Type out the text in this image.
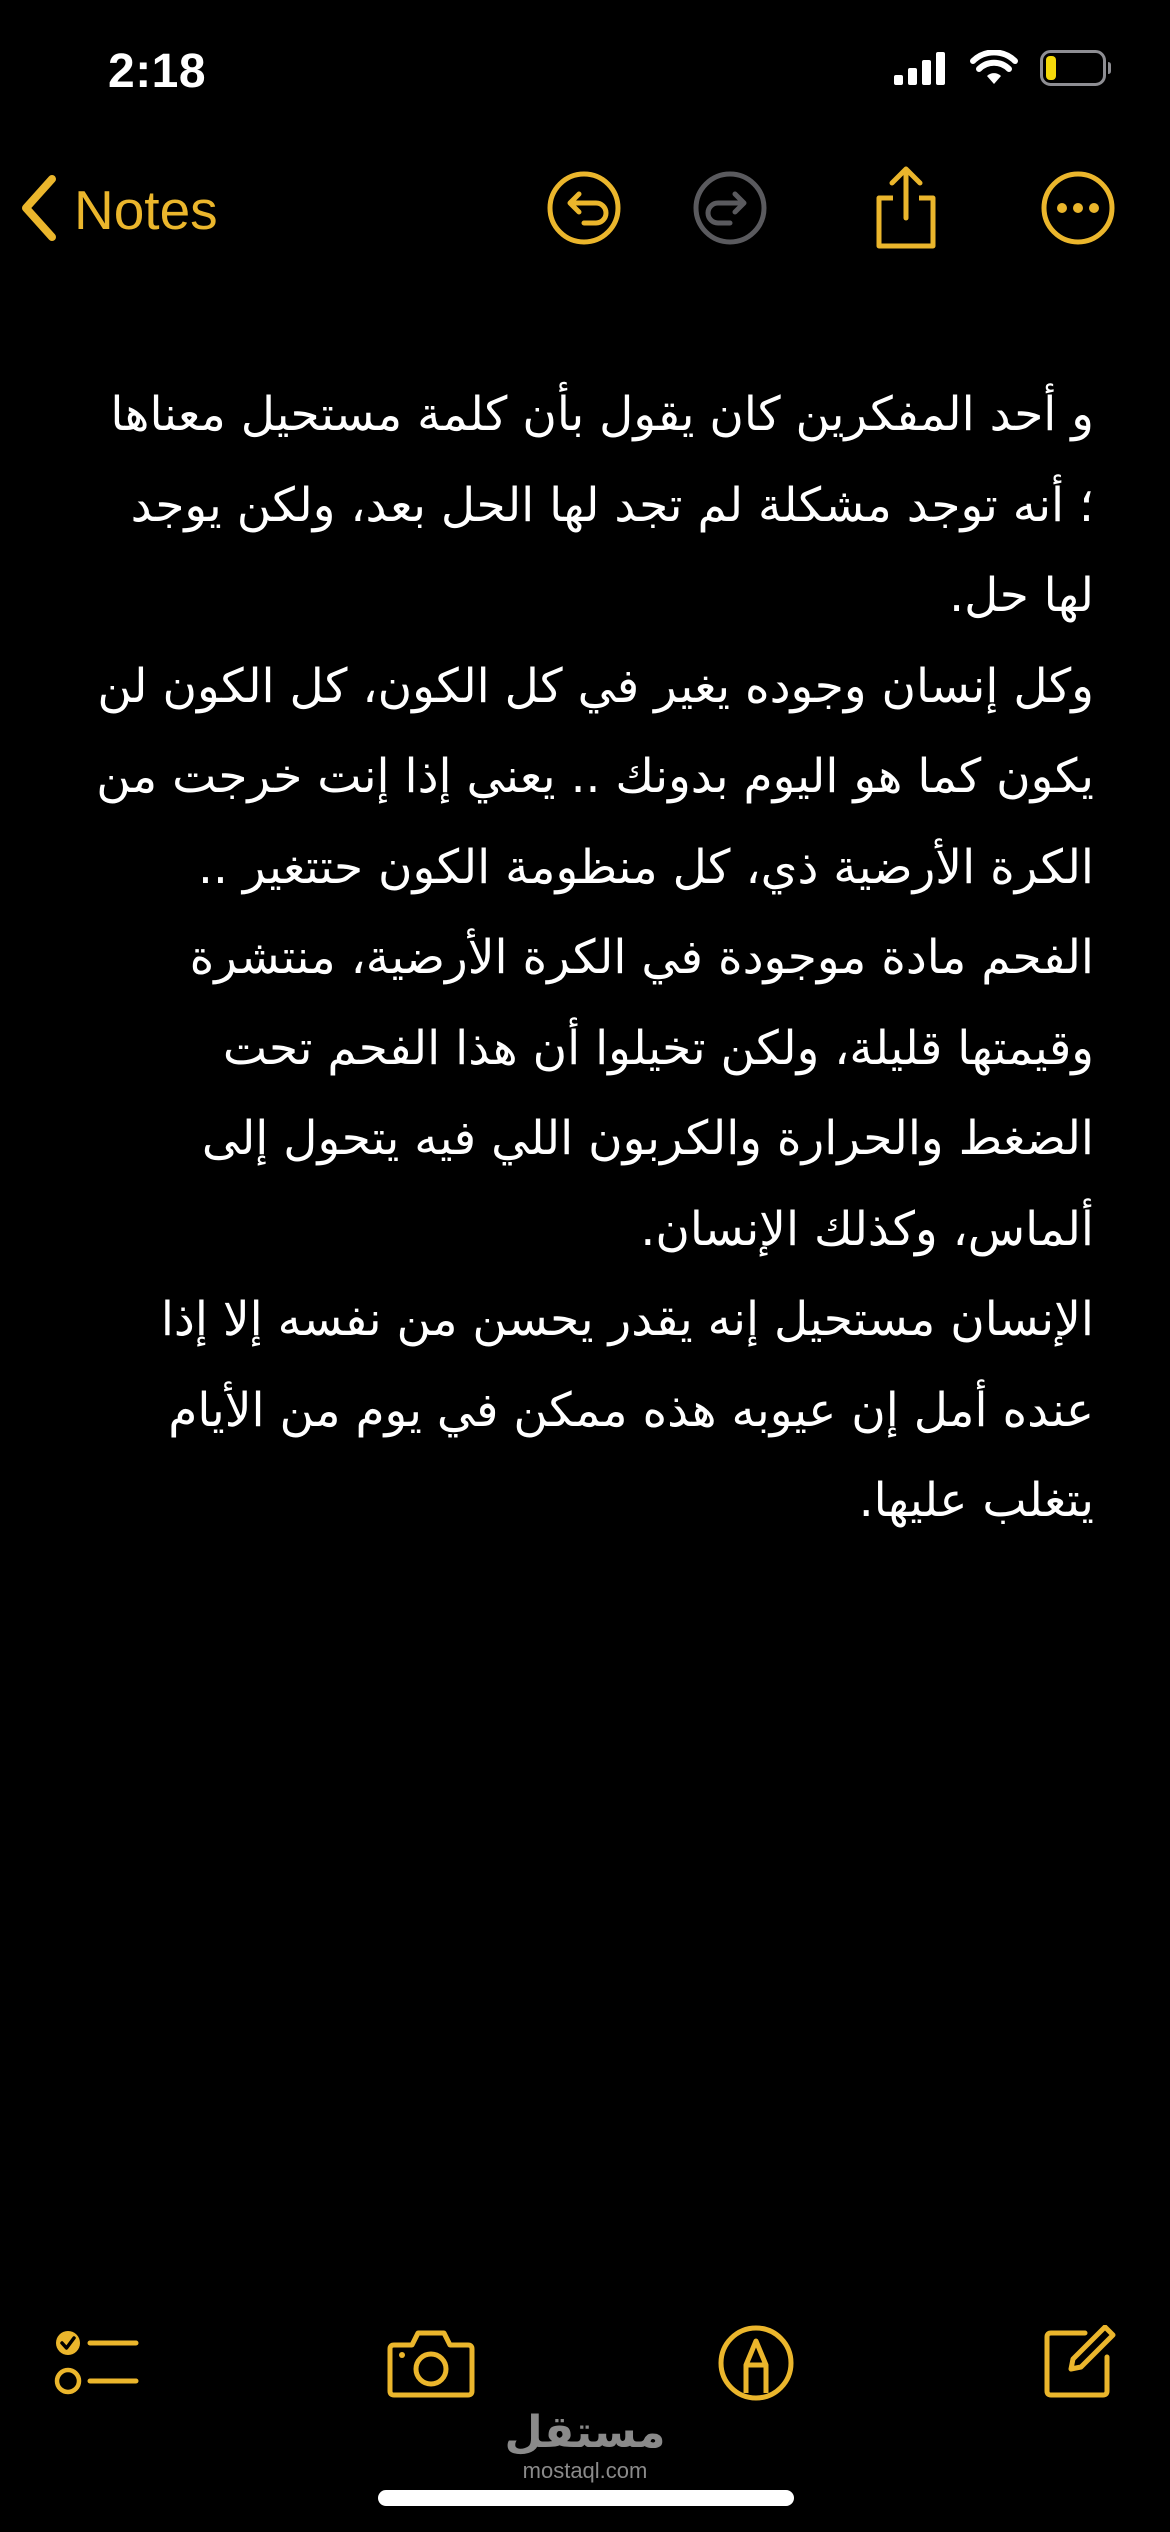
2:18
Notes

و أحد المفكرين كان يقول بأن كلمة مستحيل معناها ؛ أنه توجد مشكلة لم تجد لها الحل بعد، ولكن يوجد لها حل.

وكل إنسان وجوده يغير في كل الكون، كل الكون لن يكون كما هو اليوم بدونك .. يعني إذا إنت خرجت من الكرة الأرضية ذي، كل منظومة الكون حتتغير ..

الفحم مادة موجودة في الكرة الأرضية، منتشرة وقيمتها قليلة، ولكن تخيلوا أن هذا الفحم تحت الضغط والحرارة والكربون اللي فيه يتحول إلى ألماس، وكذلك الإنسان.

الإنسان مستحيل إنه يقدر يحسن من نفسه إلا إذا عنده أمل إن عيوبه هذه ممكن في يوم من الأيام يتغلب عليها.

مستقل
mostaql.com
